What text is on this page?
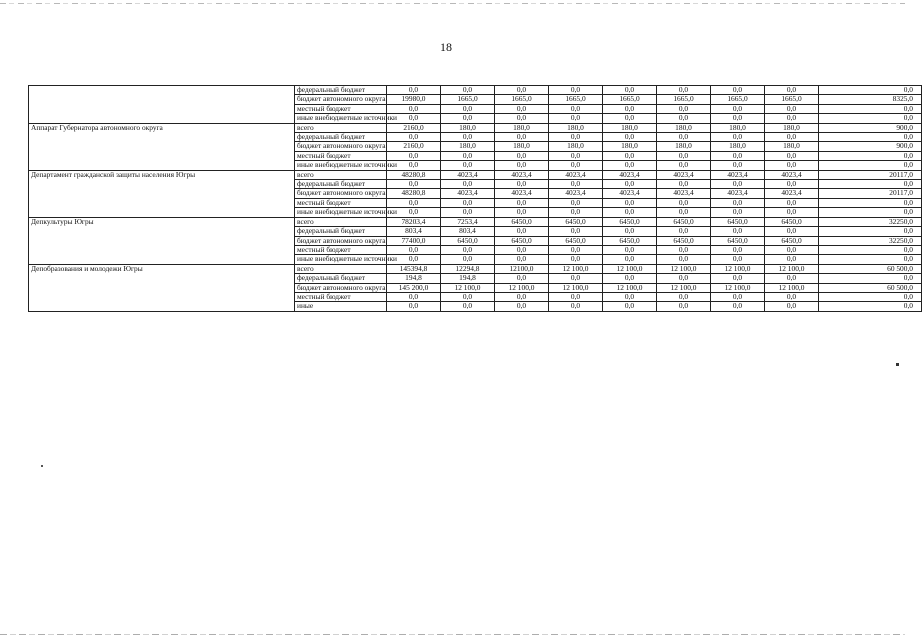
18
	федеральный бюджет	0,0	0,0	0,0	0,0	0,0	0,0	0,0	0,0	0,0
	бюджет автономного округа	19980,0	1665,0	1665,0	1665,0	1665,0	1665,0	1665,0	1665,0	8325,0
	местный бюджет	0,0	0,0	0,0	0,0	0,0	0,0	0,0	0,0	0,0
	иные внебюджетные источники	0,0	0,0	0,0	0,0	0,0	0,0	0,0	0,0	0,0
Аппарат Губернатора автономного округа	всего	2160,0	180,0	180,0	180,0	180,0	180,0	180,0	180,0	900,0
	федеральный бюджет	0,0	0,0	0,0	0,0	0,0	0,0	0,0	0,0	0,0
	бюджет автономного округа	2160,0	180,0	180,0	180,0	180,0	180,0	180,0	180,0	900,0
	местный бюджет	0,0	0,0	0,0	0,0	0,0	0,0	0,0	0,0	0,0
	иные внебюджетные источники	0,0	0,0	0,0	0,0	0,0	0,0	0,0	0,0	0,0
Департамент гражданской защиты населения Югры	всего	48280,8	4023,4	4023,4	4023,4	4023,4	4023,4	4023,4	4023,4	20117,0
	федеральный бюджет	0,0	0,0	0,0	0,0	0,0	0,0	0,0	0,0	0,0
	бюджет автономного округа	48280,8	4023,4	4023,4	4023,4	4023,4	4023,4	4023,4	4023,4	20117,0
	местный бюджет	0,0	0,0	0,0	0,0	0,0	0,0	0,0	0,0	0,0
	иные внебюджетные источники	0,0	0,0	0,0	0,0	0,0	0,0	0,0	0,0	0,0
Депкультуры Югры	всего	78203,4	7253,4	6450,0	6450,0	6450,0	6450,0	6450,0	6450,0	32250,0
	федеральный бюджет	803,4	803,4	0,0	0,0	0,0	0,0	0,0	0,0	0,0
	бюджет автономного округа	77400,0	6450,0	6450,0	6450,0	6450,0	6450,0	6450,0	6450,0	32250,0
	местный бюджет	0,0	0,0	0,0	0,0	0,0	0,0	0,0	0,0	0,0
	иные внебюджетные источники	0,0	0,0	0,0	0,0	0,0	0,0	0,0	0,0	0,0
Депобразования и молодежи Югры	всего	145394,8	12294,8	12100,0	12 100,0	12 100,0	12 100,0	12 100,0	12 100,0	60 500,0
	федеральный бюджет	194,8	194,8	0,0	0,0	0,0	0,0	0,0	0,0	0,0
	бюджет автономного округа	145 200,0	12 100,0	12 100,0	12 100,0	12 100,0	12 100,0	12 100,0	12 100,0	60 500,0
	местный бюджет	0,0	0,0	0,0	0,0	0,0	0,0	0,0	0,0	0,0
	иные	0,0	0,0	0,0	0,0	0,0	0,0	0,0	0,0	0,0
